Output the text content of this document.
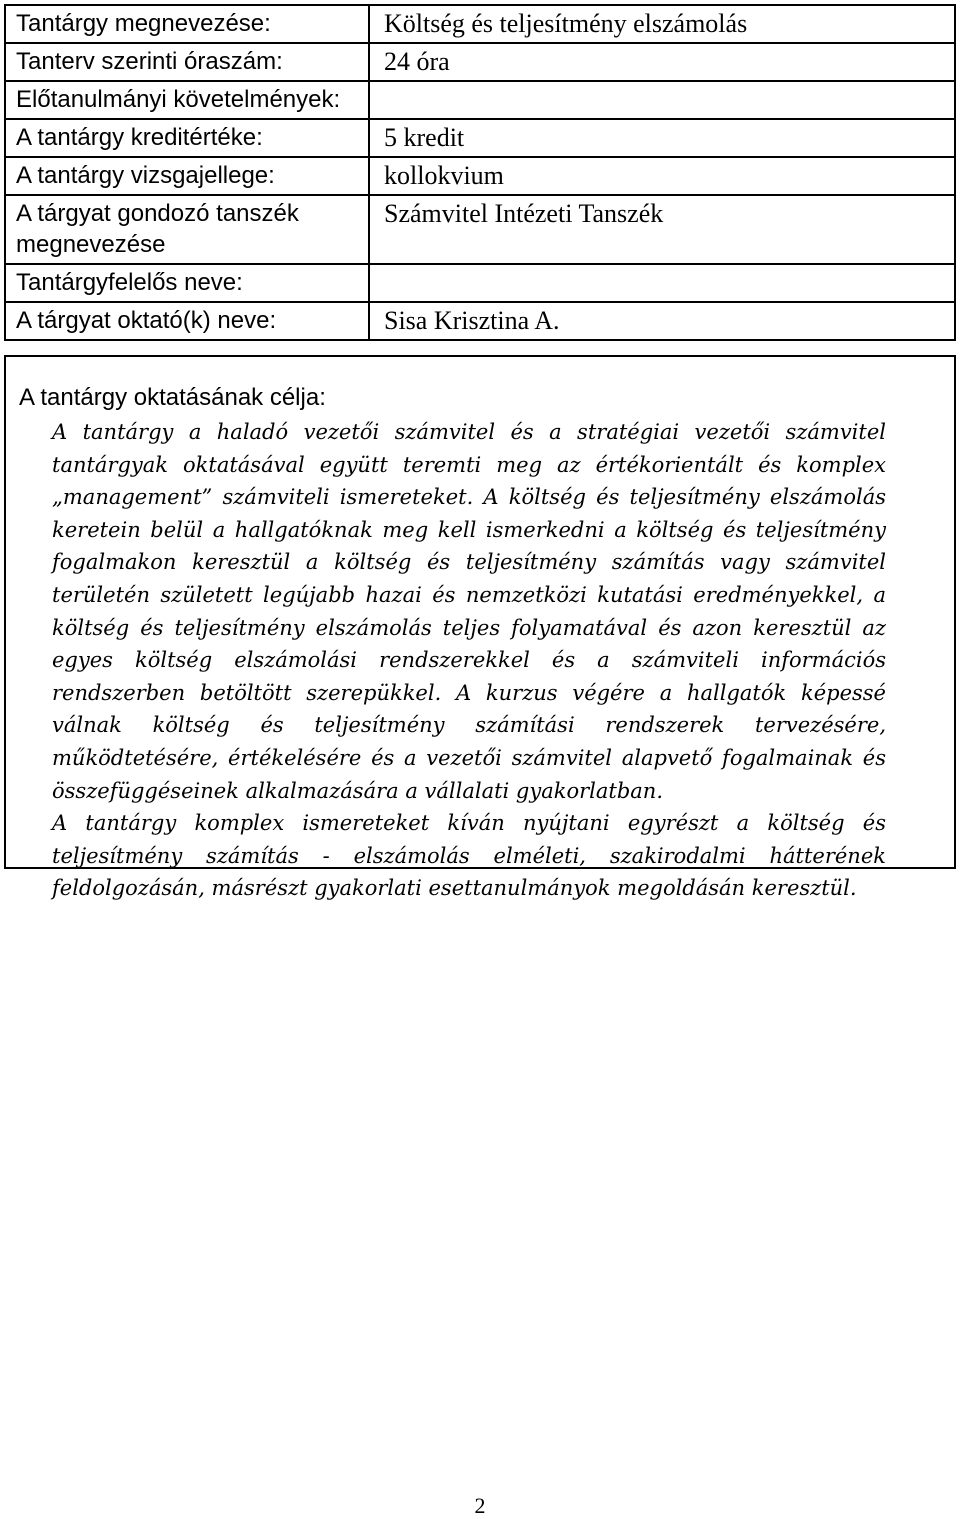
Tantárgy megnevezése:	Költség és teljesítmény elszámolás
Tanterv szerinti óraszám:	24 óra
Előtanulmányi követelmények:	
A tantárgy kreditértéke:	5 kredit
A tantárgy vizsgajellege:	kollokvium
A tárgyat gondozó tanszék megnevezése	Számvitel Intézeti Tanszék
Tantárgyfelelős neve:	
A tárgyat oktató(k) neve:	Sisa Krisztina A.
A tantárgy oktatásának célja:

A tantárgy a haladó vezetői számvitel és a stratégiai vezetői számvitel tantárgyak oktatásával együtt teremti meg az értékorientált és komplex „management” számviteli ismereteket. A költség és teljesítmény elszámolás keretein belül a hallgatóknak meg kell ismerkedni a költség és teljesítmény fogalmakon keresztül a költség és teljesítmény számítás vagy számvitel területén született legújabb hazai és nemzetközi kutatási eredményekkel, a költség és teljesítmény elszámolás teljes folyamatával és azon keresztül az egyes költség elszámolási rendszerekkel és a számviteli információs rendszerben betöltött szerepükkel. A kurzus végére a hallgatók képessé válnak költség és teljesítmény számítási rendszerek tervezésére, működtetésére, értékelésére és a vezetői számvitel alapvető fogalmainak és összefüggéseinek alkalmazására a vállalati gyakorlatban.

A tantárgy komplex ismereteket kíván nyújtani egyrészt a költség és teljesítmény számítás - elszámolás elméleti, szakirodalmi hátterének feldolgozásán, másrészt gyakorlati esettanulmányok megoldásán keresztül.

2
